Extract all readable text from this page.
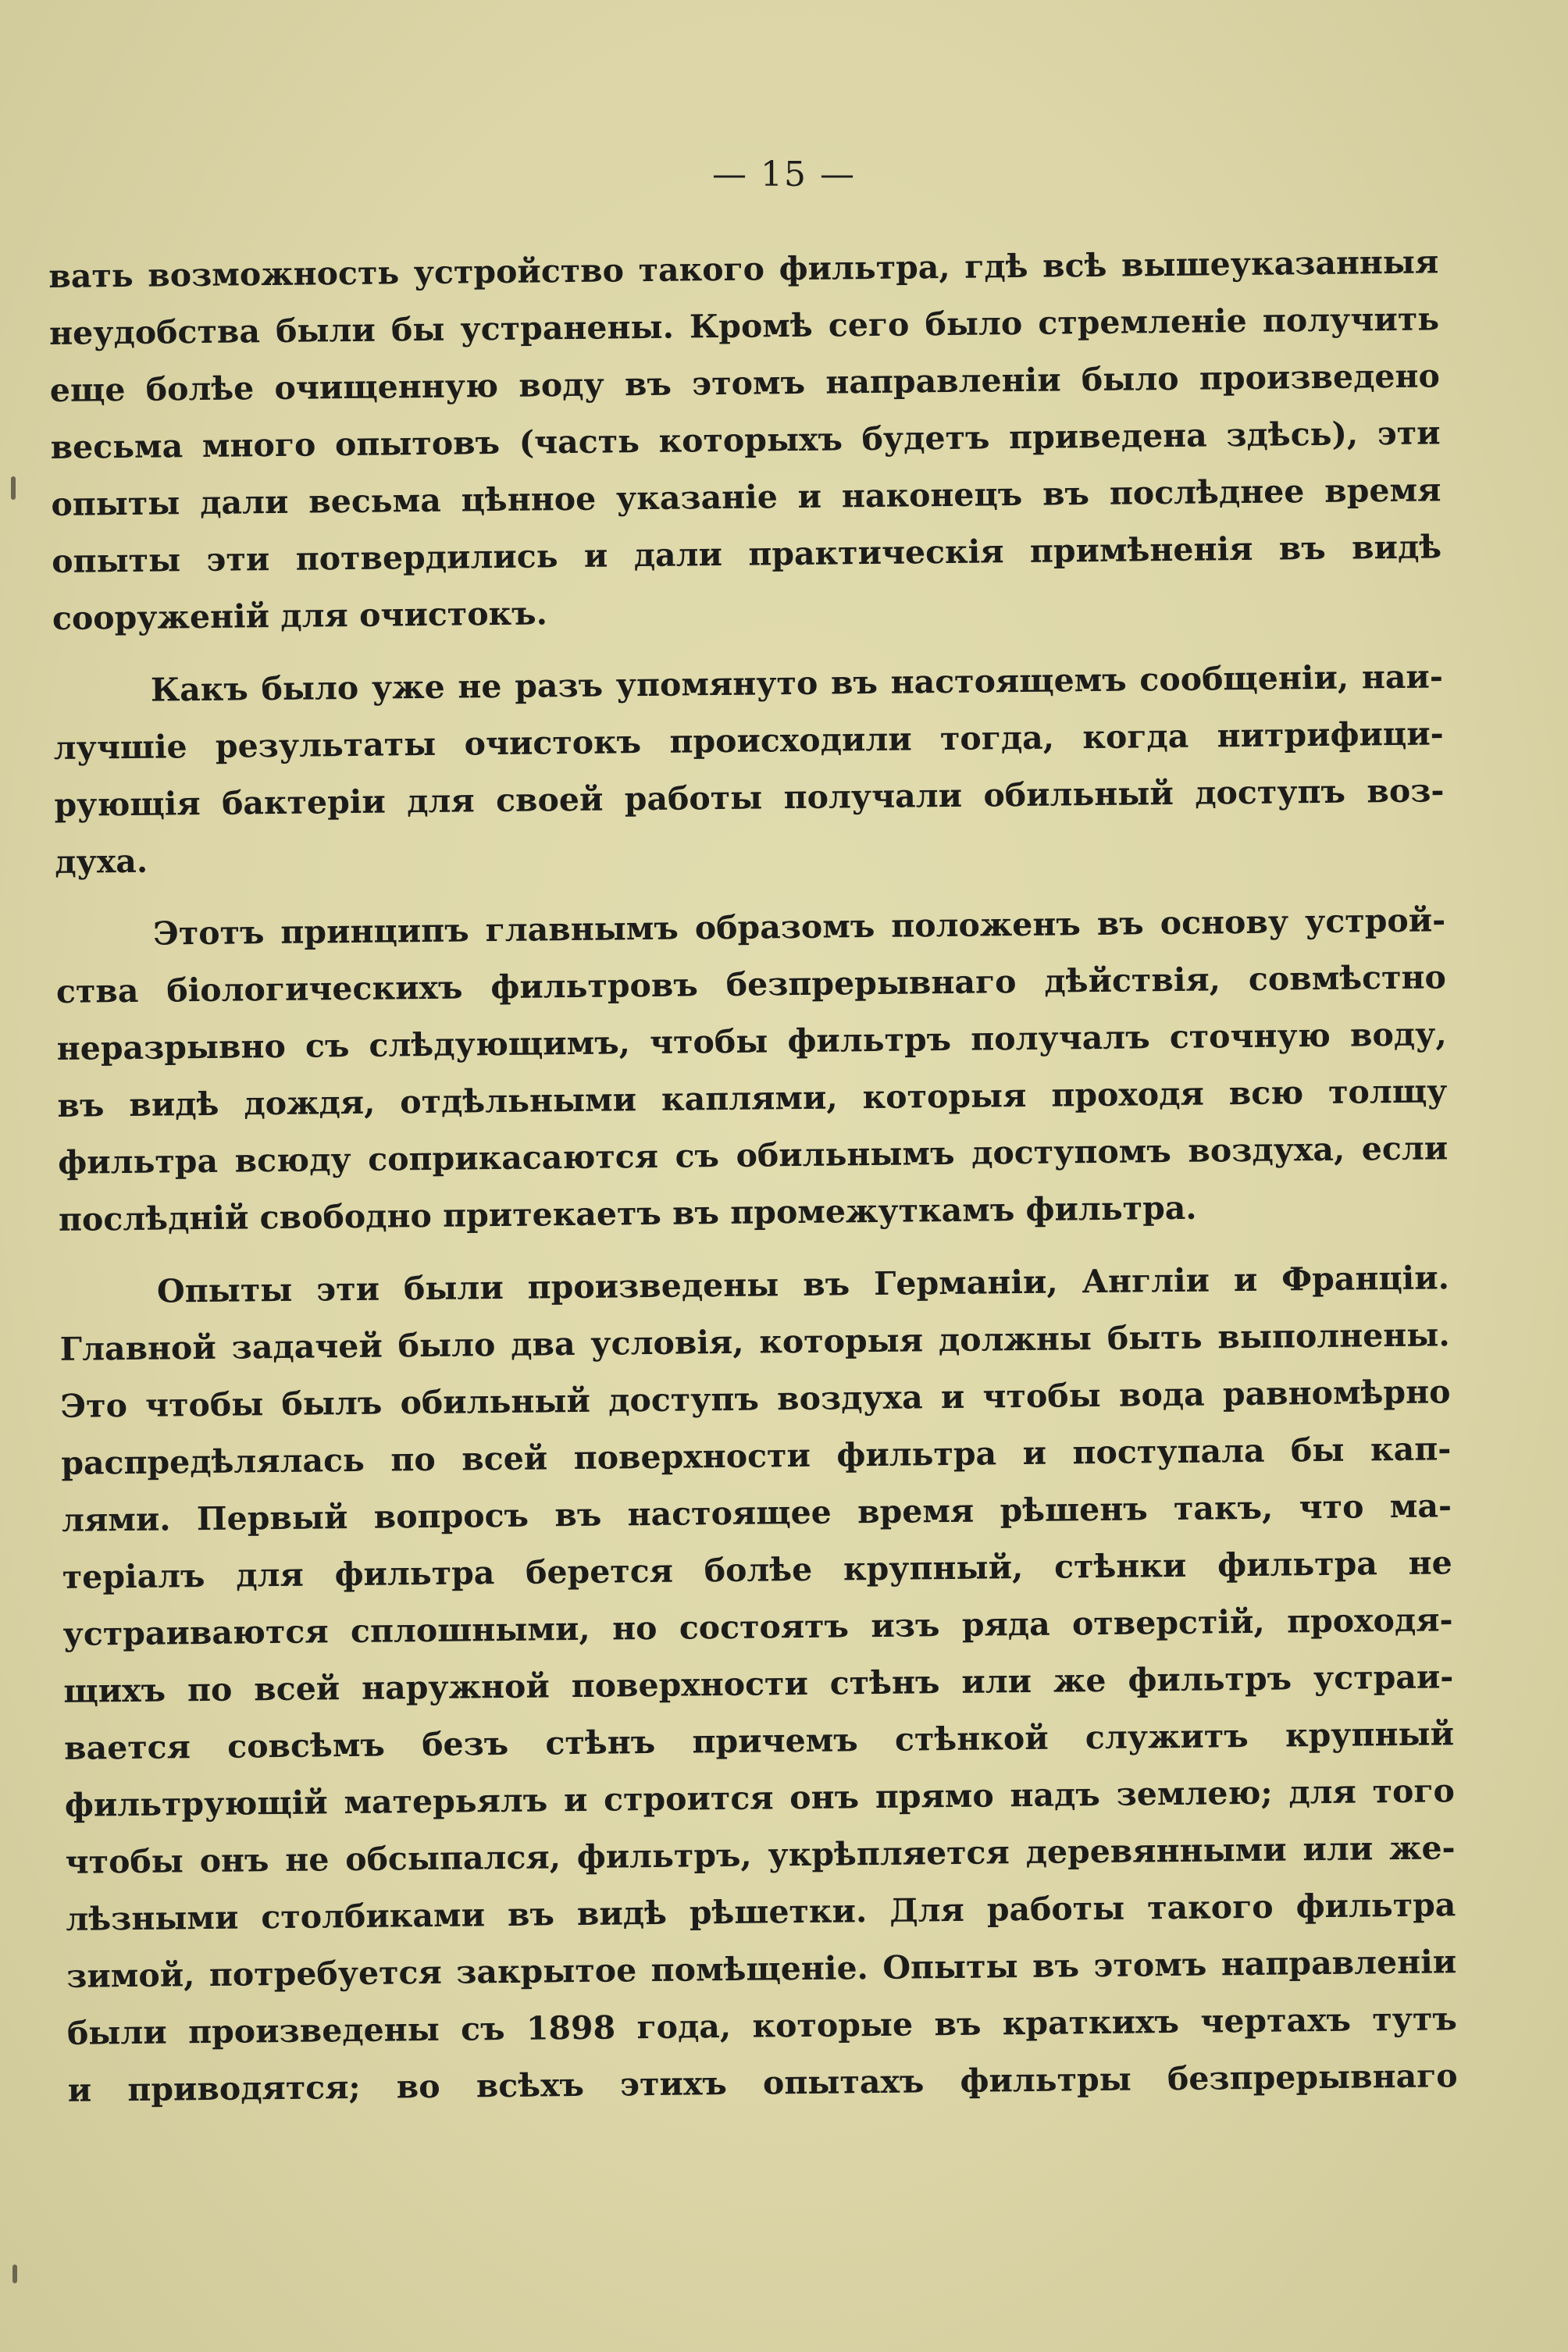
— 15 —
вать возможность устройство такого фильтра, гдѣ всѣ вышеуказанныя
неудобства были бы устранены. Кромѣ сего было стремленіе получить
еще болѣе очищенную воду въ этомъ направленіи было произведено
весьма много опытовъ (часть которыхъ будетъ приведена здѣсь), эти
опыты дали весьма цѣнное указаніе и наконецъ въ послѣднее время
опыты эти потвердились и дали практическія примѣненія въ видѣ
сооруженій для очистокъ.
Какъ было уже не разъ упомянуто въ настоящемъ сообщеніи, наи-
лучшіе результаты очистокъ происходили тогда, когда нитрифици-
рующія бактеріи для своей работы получали обильный доступъ воз-
духа.
Этотъ принципъ главнымъ образомъ положенъ въ основу устрой-
ства біологическихъ фильтровъ безпрерывнаго дѣйствія, совмѣстно
неразрывно съ слѣдующимъ, чтобы фильтръ получалъ сточную воду,
въ видѣ дождя, отдѣльными каплями, которыя проходя всю толщу
фильтра всюду соприкасаются съ обильнымъ доступомъ воздуха, если
послѣдній свободно притекаетъ въ промежуткамъ фильтра.
Опыты эти были произведены въ Германіи, Англіи и Франціи.
Главной задачей было два условія, которыя должны быть выполнены.
Это чтобы былъ обильный доступъ воздуха и чтобы вода равномѣрно
распредѣлялась по всей поверхности фильтра и поступала бы кап-
лями. Первый вопросъ въ настоящее время рѣшенъ такъ, что ма-
теріалъ для фильтра берется болѣе крупный, стѣнки фильтра не
устраиваются сплошными, но состоятъ изъ ряда отверстій, проходя-
щихъ по всей наружной поверхности стѣнъ или же фильтръ устраи-
вается совсѣмъ безъ стѣнъ причемъ стѣнкой служитъ крупный
фильтрующій матерьялъ и строится онъ прямо надъ землею; для того
чтобы онъ не обсыпался, фильтръ, укрѣпляется деревянными или же-
лѣзными столбиками въ видѣ рѣшетки. Для работы такого фильтра
зимой, потребуется закрытое помѣщеніе. Опыты въ этомъ направленіи
были произведены съ 1898 года, которые въ краткихъ чертахъ тутъ
и приводятся; во всѣхъ этихъ опытахъ фильтры безпрерывнаго
